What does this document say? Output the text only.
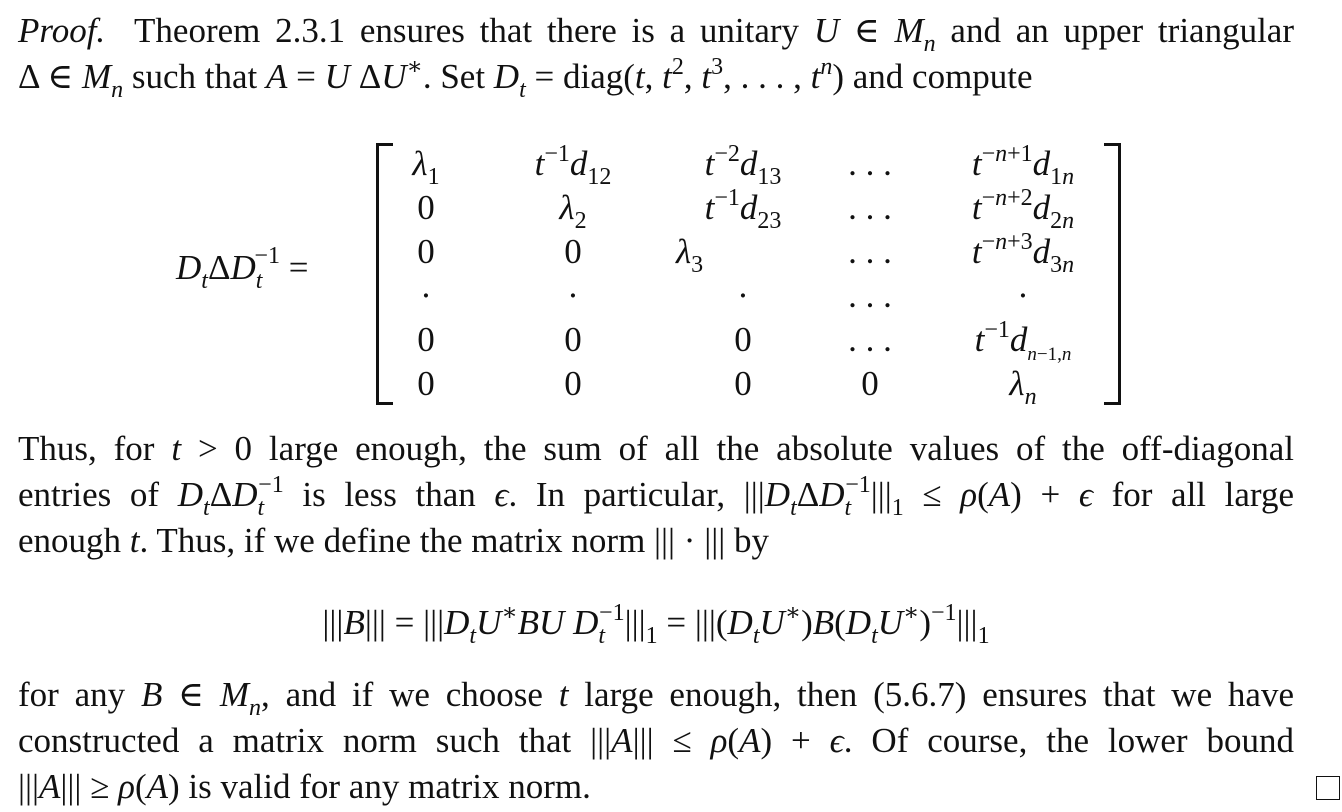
Proof.  Theorem 2.3.1 ensures that there is a unitary U ∈ $M_n$ and an upper triangular
Δ ∈ $M_n$ such that A = U ΔU∗. Set $D_t$ = diag(t, $t^2$, $t^3$, . . . , $t^n$) and compute
$D_t\Delta D_t^{-1}$ =
$\lambda_1$	$t^{-1}d_{12}$	$t^{-2}d_{13}$	. . .	$t^{-n+1}d_{1n}$
0	$\lambda_2$	$t^{-1}d_{23}$	. . .	$t^{-n+2}d_{2n}$
0	0	$\lambda_3$	. . .	$t^{-n+3}d_{3n}$
·	·	·	. . .	·
0	0	0	. . .	$t^{-1}d_{n-1,n}$
0	0	0	0	$\lambda_n$
Thus, for t > 0 large enough, the sum of all the absolute values of the off-diagonal
entries of $D_t\Delta D_t^{-1}$ is less than ϵ. In particular, $|||D_t\Delta D_t^{-1}|||_1 \le \rho(A) + \epsilon$ for all large
enough t. Thus, if we define the matrix norm ||| · ||| by
$|||B||| = |||D_tU^∗BU$ $D_t^{-1}|||_1 = |||(D_tU^∗)B(D_tU^∗)^{-1}|||_1$
for any B ∈ $M_n$, and if we choose t large enough, then (5.6.7) ensures that we have
constructed a matrix norm such that |||A||| ≤ ρ(A) + ϵ. Of course, the lower bound
|||A||| ≥ ρ(A) is valid for any matrix norm.
